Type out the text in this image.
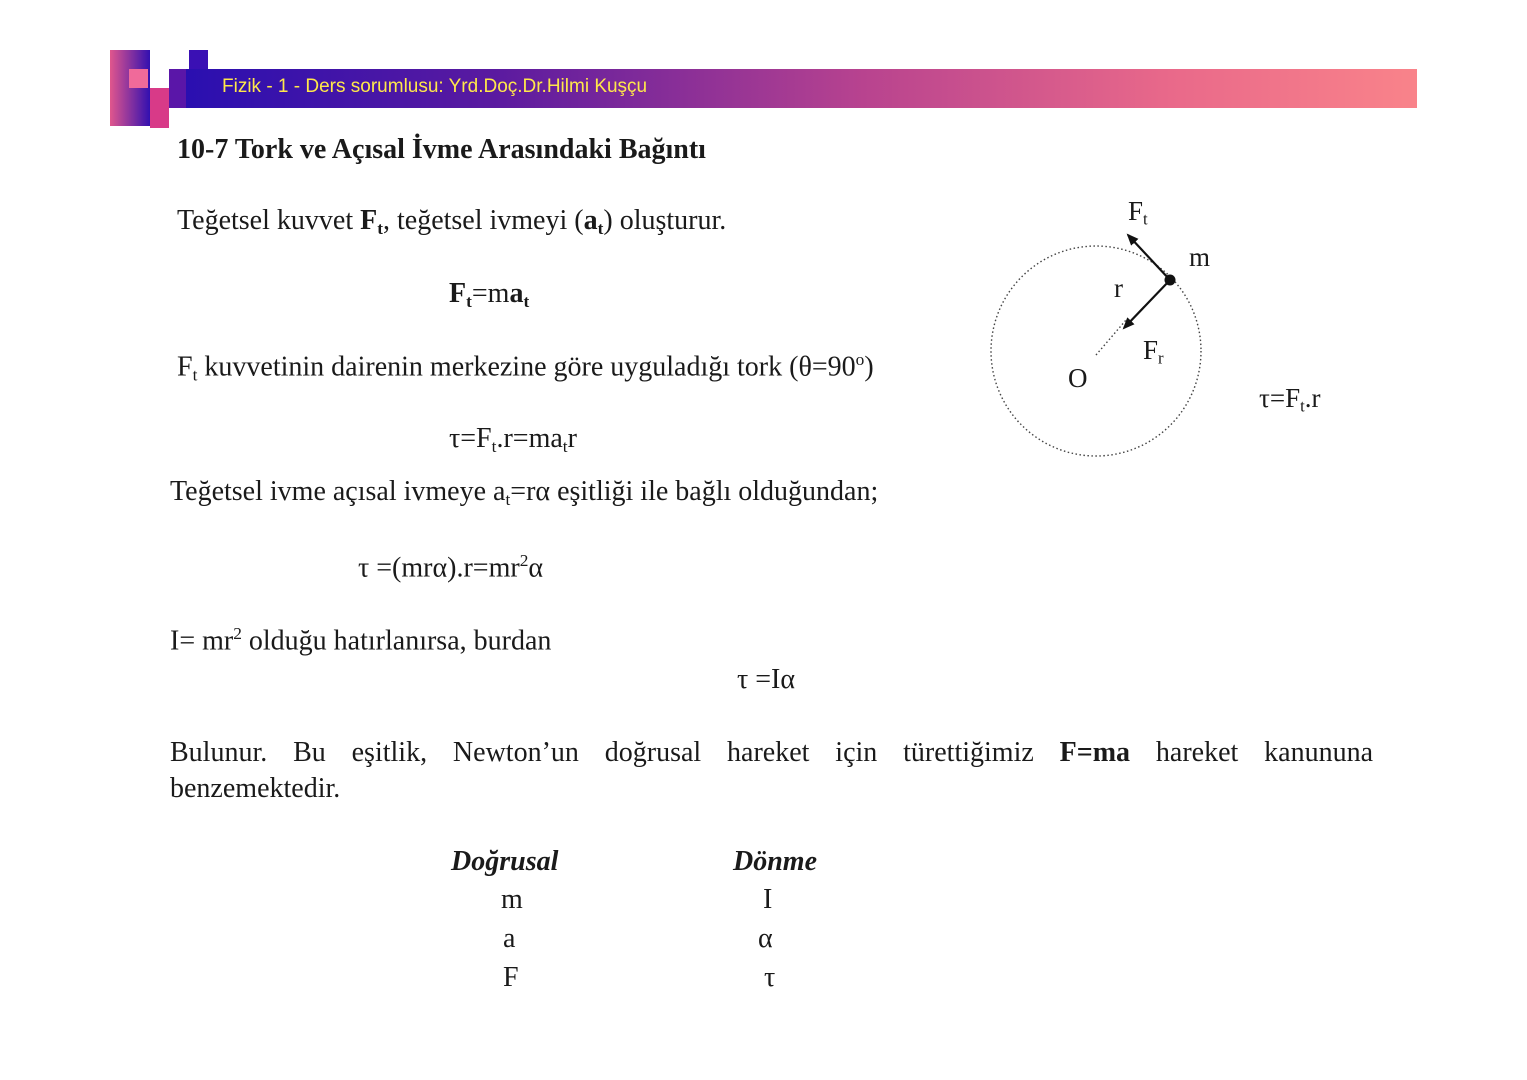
Fizik - 1 - Ders sorumlusu: Yrd.Doç.Dr.Hilmi Kuşçu
10-7 Tork ve Açısal İvme Arasındaki Bağıntı
Teğetsel kuvvet $F_t$, teğetsel ivmeyi $(a_t)$ oluşturur.
$F_t=ma_t$
$F_t$ kuvvetinin dairenin merkezine göre uyguladığı tork $(\theta=90^o)$
$\tau=F_t.r=ma_tr$
Teğetsel ivme açısal ivmeye $a_t=r\alpha$ eşitliği ile bağlı olduğundan;
$\tau =(mr\alpha).r=mr^2\alpha$
$I= mr^2$ olduğu hatırlanırsa, burdan
τ =Iα
Bulunur. Bu eşitlik, Newton’un doğrusal hareket için türettiğimiz F=ma hareket kanununa
benzemektedir.
$F_t$
m
r
$F_r$
O
$\tau=F_t.r$
Doğrusal	Dönme
m	I
a	α
F	τ
